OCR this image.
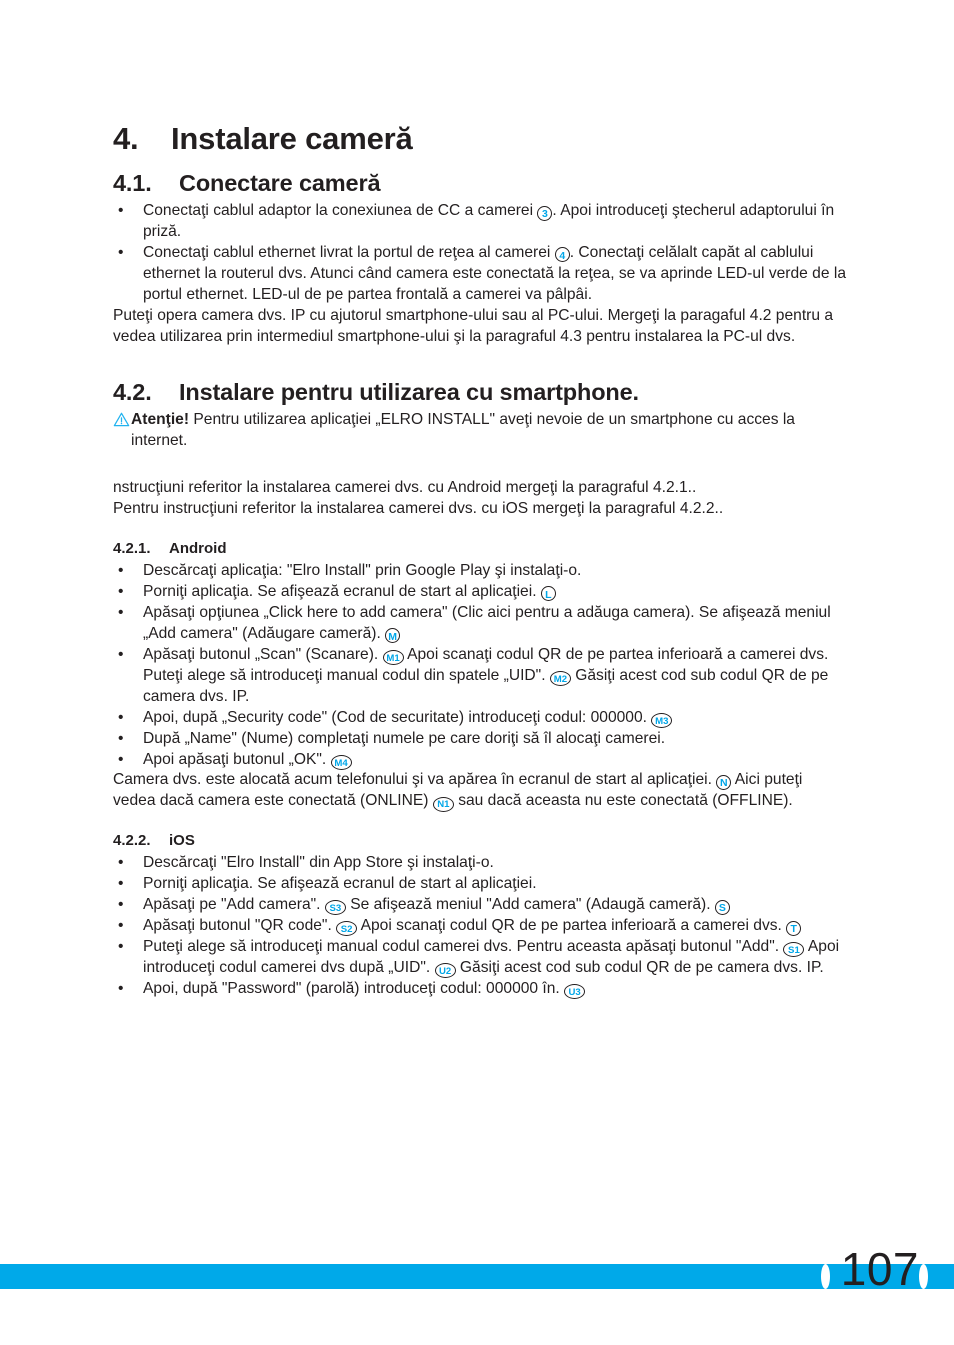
4.	Instalare cameră
4.1.	Conectare cameră
• Conectaţi cablul adaptor la conexiunea de CC a camerei 3 . Apoi introduceţi ştecherul adaptorului în priză.
• Conectaţi cablul ethernet livrat la portul de reţea al camerei 4 . Conectaţi celălalt capăt al cablului ethernet la routerul dvs. Atunci când camera este conectată la reţea, se va aprinde LED-ul verde de la portul ethernet. LED-ul de pe partea frontală a camerei va pâlpâi.

Puteţi opera camera dvs. IP cu ajutorul smartphone-ului sau al PC-ului. Mergeţi la paragaful 4.2 pentru a vedea utilizarea prin intermediul smartphone-ului şi la paragraful 4.3 pentru instalarea la PC-ul dvs.

4.2.	Instalare pentru utilizarea cu smartphone.

Atenţie! Pentru utilizarea aplicaţiei „ELRO INSTALL" aveţi nevoie de un smartphone cu acces la internet.

nstrucţiuni referitor la instalarea camerei dvs. cu Android mergeţi la paragraful 4.2.1..

Pentru instrucţiuni referitor la instalarea camerei dvs. cu iOS mergeţi la paragraful 4.2.2..

4.2.1.	Android
• Descărcaţi aplicaţia: "Elro Install" prin Google Play şi instalaţi-o.
• Porniţi aplicaţia. Se afişează ecranul de start al aplicaţiei. L
• Apăsaţi opţiunea „Click here to add camera" (Clic aici pentru a adăuga camera). Se afişează meniul „Add camera" (Adăugare cameră). M
• Apăsaţi butonul „Scan" (Scanare). M1 Apoi scanaţi codul QR de pe partea inferioară a camerei dvs. Puteţi alege să introduceţi manual codul din spatele „UID". M2 Găsiţi acest cod sub codul QR de pe camera dvs. IP.
• Apoi, după „Security code" (Cod de securitate) introduceţi codul: 000000. M3
• După „Name" (Nume) completaţi numele pe care doriţi să îl alocaţi camerei.
• Apoi apăsaţi butonul „OK". M4

Camera dvs. este alocată acum telefonului şi va apărea în ecranul de start al aplicaţiei. N Aici puteţi vedea dacă camera este conectată (ONLINE) N1 sau dacă aceasta nu este conectată (OFFLINE).

4.2.2.	iOS
• Descărcaţi "Elro Install" din App Store şi instalaţi-o.
• Porniţi aplicaţia. Se afişează ecranul de start al aplicaţiei.
• Apăsaţi pe "Add camera". S3 Se afişează meniul "Add camera" (Adaugă cameră). S
• Apăsaţi butonul "QR code". S2 Apoi scanaţi codul QR de pe partea inferioară a camerei dvs. T
• Puteţi alege să introduceţi manual codul camerei dvs. Pentru aceasta apăsaţi butonul "Add". S1 Apoi introduceţi codul camerei dvs după „UID". U2 Găsiţi acest cod sub codul QR de pe camera dvs. IP.
• Apoi, după "Password" (parolă) introduceţi codul: 000000 în. U3
107
